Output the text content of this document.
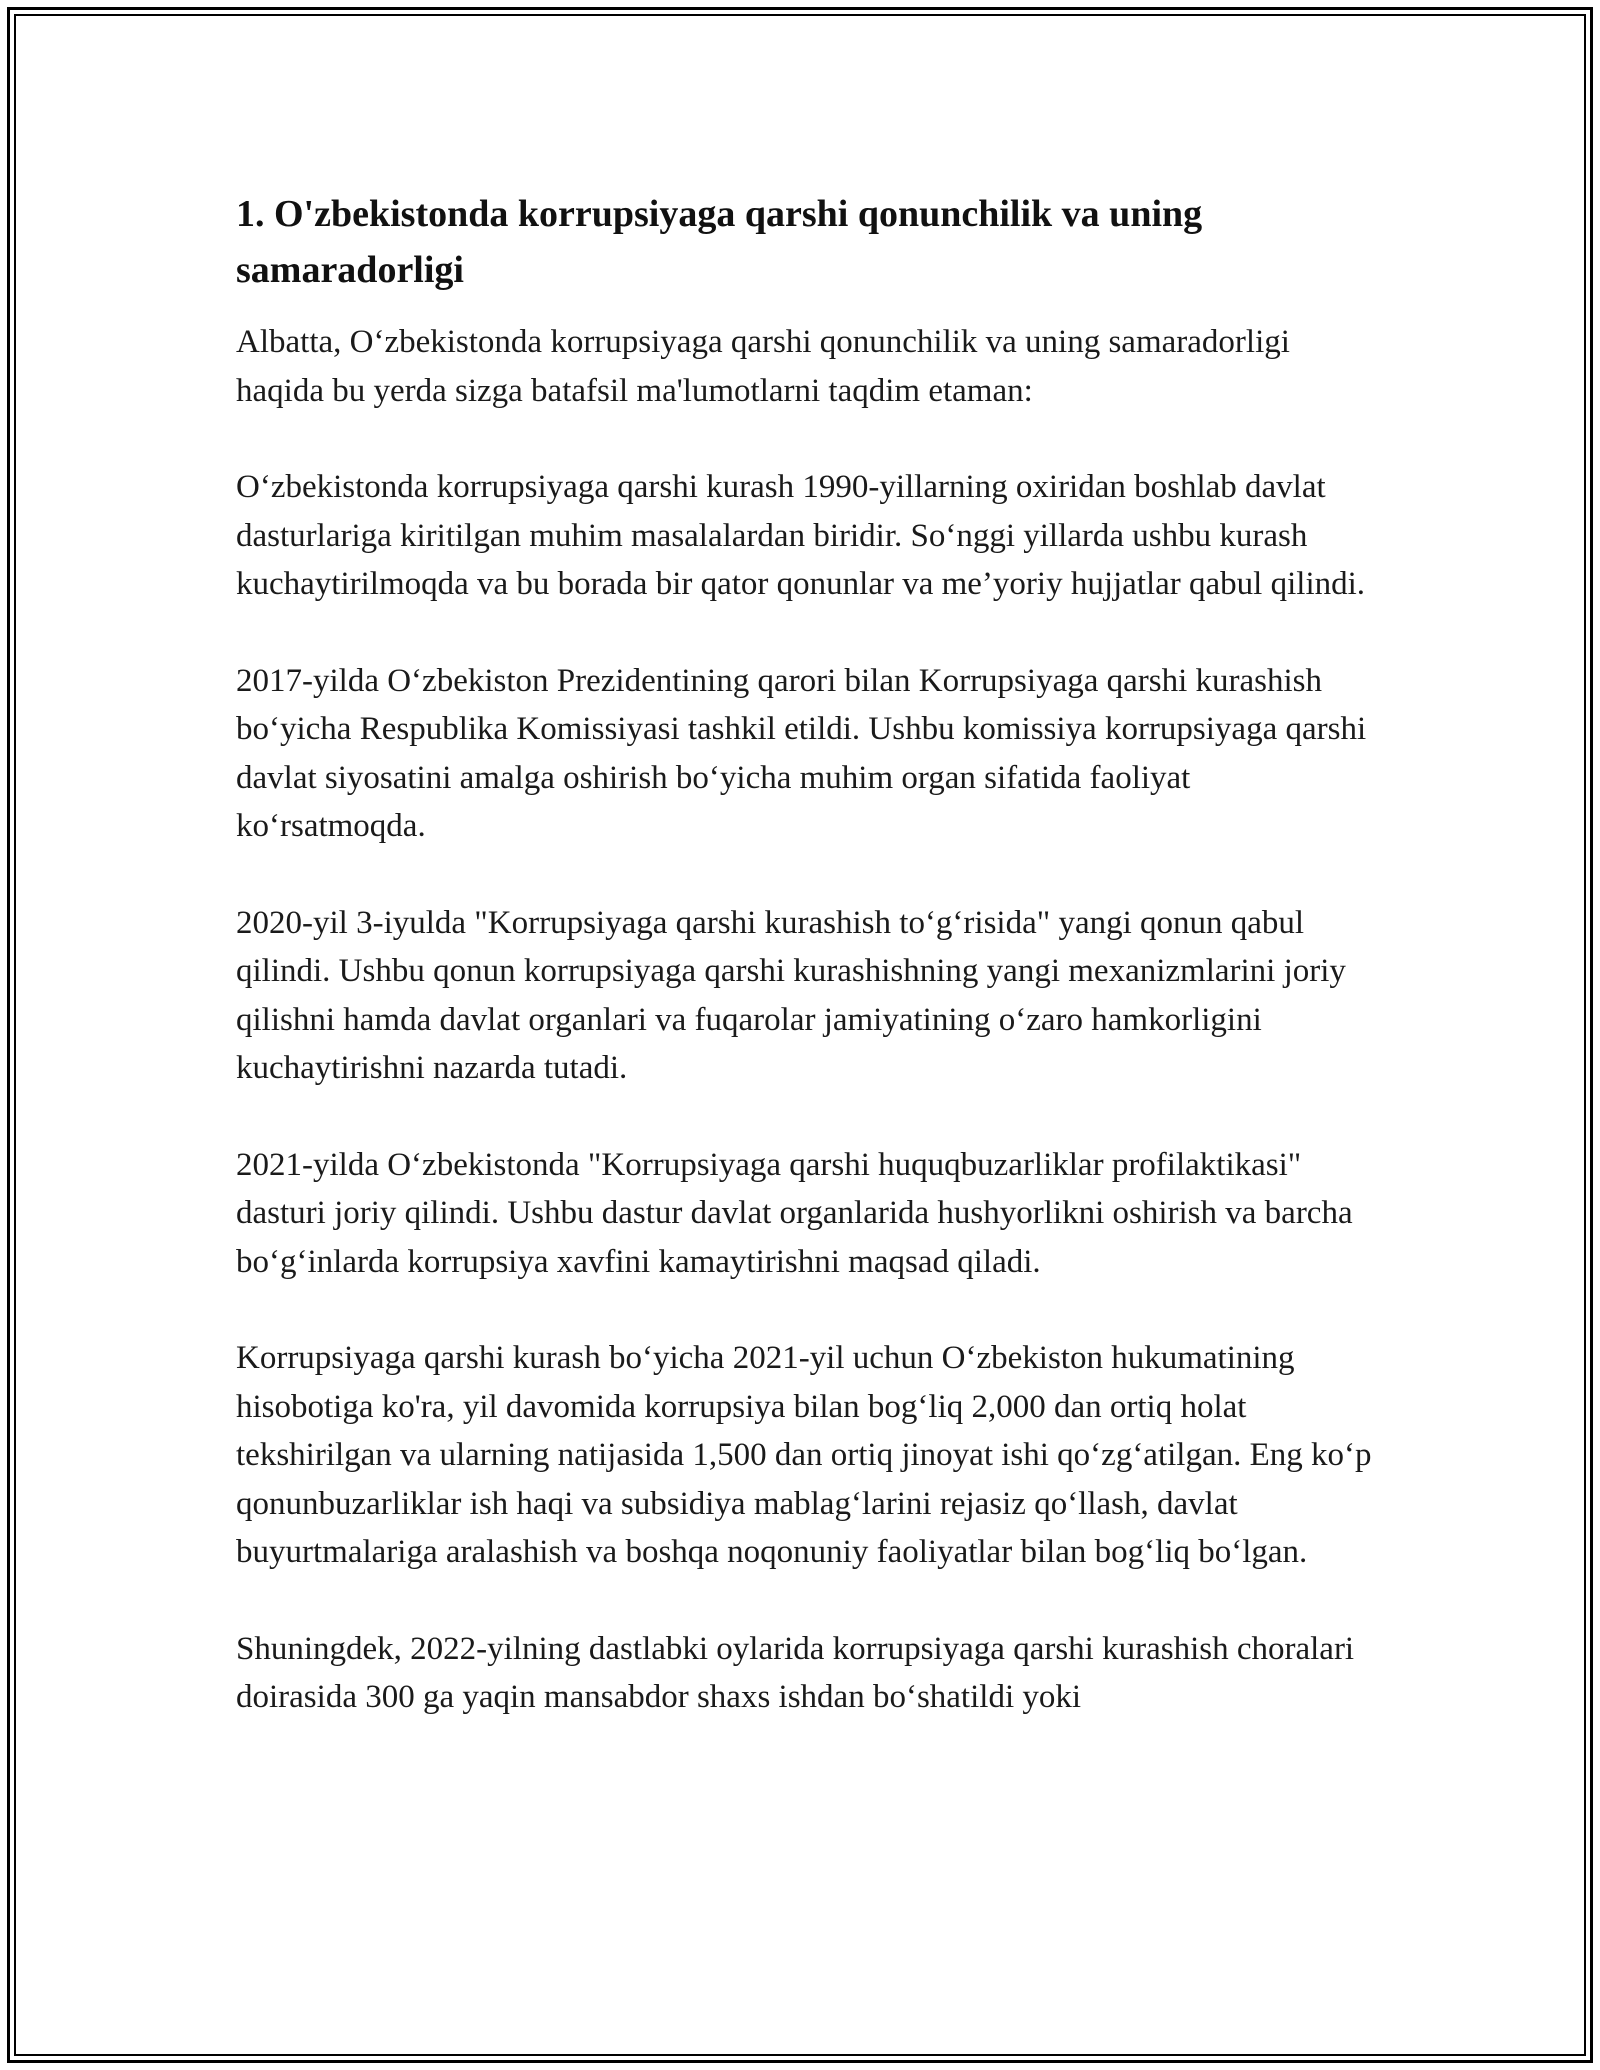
1. O'zbekistonda korrupsiyaga qarshi qonunchilik va uning samaradorligi

Albatta, O‘zbekistonda korrupsiyaga qarshi qonunchilik va uning samaradorligi haqida bu yerda sizga batafsil ma'lumotlarni taqdim etaman:

O‘zbekistonda korrupsiyaga qarshi kurash 1990-yillarning oxiridan boshlab davlat dasturlariga kiritilgan muhim masalalardan biridir. So‘nggi yillarda ushbu kurash kuchaytirilmoqda va bu borada bir qator qonunlar va me’yoriy hujjatlar qabul qilindi.

2017-yilda O‘zbekiston Prezidentining qarori bilan Korrupsiyaga qarshi kurashish bo‘yicha Respublika Komissiyasi tashkil etildi. Ushbu komissiya korrupsiyaga qarshi davlat siyosatini amalga oshirish bo‘yicha muhim organ sifatida faoliyat ko‘rsatmoqda.

2020-yil 3-iyulda "Korrupsiyaga qarshi kurashish to‘g‘risida" yangi qonun qabul qilindi. Ushbu qonun korrupsiyaga qarshi kurashishning yangi mexanizmlarini joriy qilishni hamda davlat organlari va fuqarolar jamiyatining o‘zaro hamkorligini kuchaytirishni nazarda tutadi.

2021-yilda O‘zbekistonda "Korrupsiyaga qarshi huquqbuzarliklar profilaktikasi" dasturi joriy qilindi. Ushbu dastur davlat organlarida hushyorlikni oshirish va barcha bo‘g‘inlarda korrupsiya xavfini kamaytirishni maqsad qiladi.

Korrupsiyaga qarshi kurash bo‘yicha 2021-yil uchun O‘zbekiston hukumatining hisobotiga ko'ra, yil davomida korrupsiya bilan bog‘liq 2,000 dan ortiq holat tekshirilgan va ularning natijasida 1,500 dan ortiq jinoyat ishi qo‘zg‘atilgan. Eng ko‘p qonunbuzarliklar ish haqi va subsidiya mablag‘larini rejasiz qo‘llash, davlat buyurtmalariga aralashish va boshqa noqonuniy faoliyatlar bilan bog‘liq bo‘lgan.

Shuningdek, 2022-yilning dastlabki oylarida korrupsiyaga qarshi kurashish choralari doirasida 300 ga yaqin mansabdor shaxs ishdan bo‘shatildi yoki
